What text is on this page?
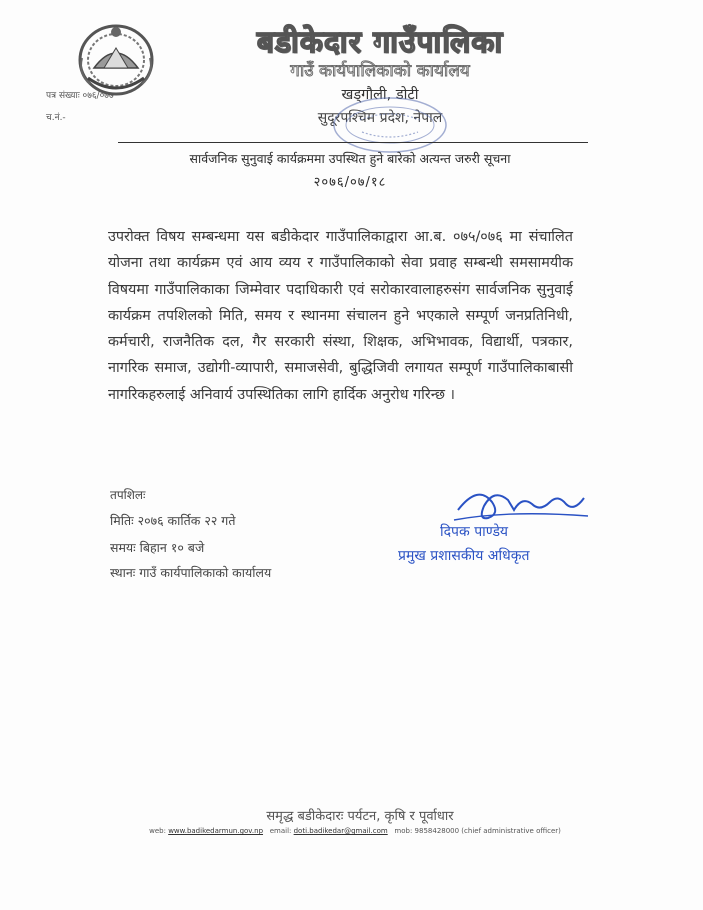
बडीकेदार गाउँपालिका
गाउँ कार्यपालिकाको कार्यालय
खड्गौली, डोटी
सुदूरपश्चिम प्रदेश, नेपाल
पत्र संख्याः ०७६/०७७
च.नं.-
सार्वजनिक सुनुवाई कार्यक्रममा उपस्थित हुने बारेको अत्यन्त जरुरी सूचना
२०७६/०७/१८
उपरोक्त विषय सम्बन्धमा यस बडीकेदार गाउँपालिकाद्वारा आ.ब. ०७५/०७६ मा संचालित योजना तथा कार्यक्रम एवं आय व्यय र गाउँपालिकाको सेवा प्रवाह सम्बन्धी समसामयीक विषयमा गाउँपालिकाका जिम्मेवार पदाधिकारी एवं सरोकारवालाहरुसंग सार्वजनिक सुनुवाई कार्यक्रम तपशिलको मिति, समय र स्थानमा संचालन हुने भएकाले सम्पूर्ण जनप्रतिनिधी, कर्मचारी, राजनैतिक दल, गैर सरकारी संस्था, शिक्षक, अभिभावक, विद्यार्थी, पत्रकार, नागरिक समाज, उद्योगी-व्यापारी, समाजसेवी, बुद्धिजिवी लगायत सम्पूर्ण गाउँपालिकाबासी नागरिकहरुलाई अनिवार्य उपस्थितिका लागि हार्दिक अनुरोध गरिन्छ ।
तपशिलः
मितिः २०७६ कार्तिक २२ गते
समयः बिहान १० बजे
स्थानः गाउँ कार्यपालिकाको कार्यालय
दिपक पाण्डेय
प्रमुख प्रशासकीय अधिकृत
समृद्ध बडीकेदारः पर्यटन, कृषि र पूर्वाधार
web: www.badikedarmun.gov.np email: doti.badikedar@gmail.com mob: 9858428000 (chief administrative officer)
